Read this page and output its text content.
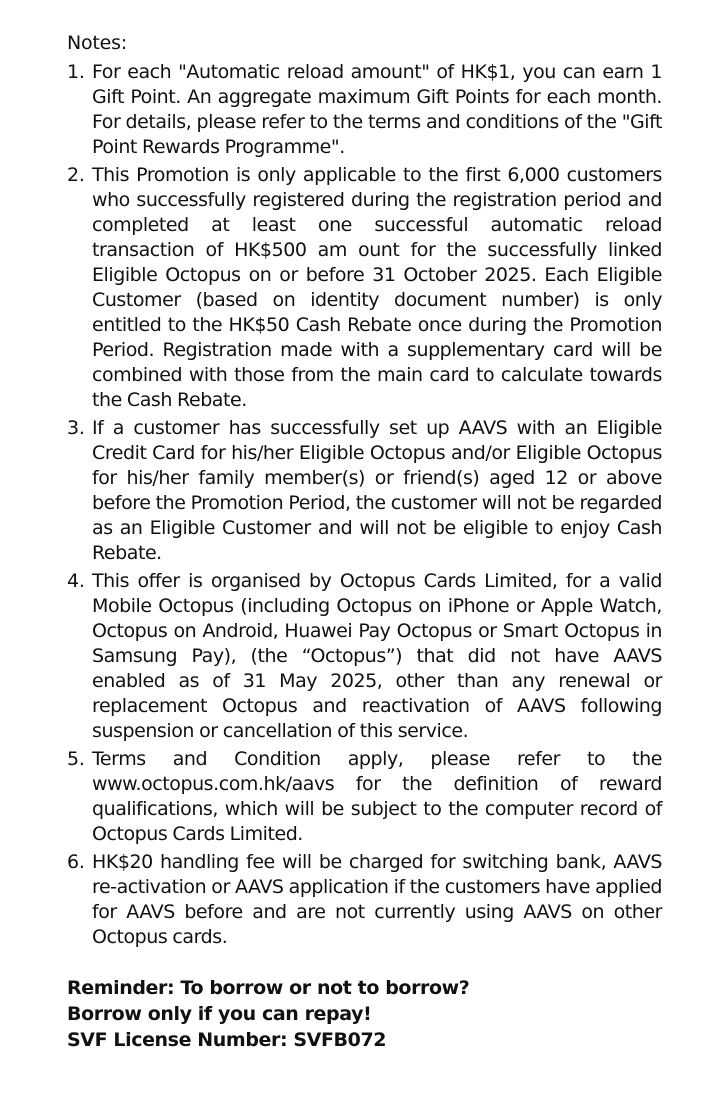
Notes:
1. For each "Automatic reload amount" of HK$1, you can earn 1 Gift Point. An aggregate maximum Gift Points for each month. For details, please refer to the terms and conditions of the "Gift Point Rewards Programme".
2. This Promotion is only applicable to the first 6,000 customers who successfully registered during the registration period and completed at least one successful automatic reload transaction of HK$500 am ount for the successfully linked Eligible Octopus on or before 31 October 2025. Each Eligible Customer (based on identity document number) is only entitled to the HK$50 Cash Rebate once during the Promotion Period. Registration made with a supplementary card will be combined with those from the main card to calculate towards the Cash Rebate.
3. If a customer has successfully set up AAVS with an Eligible Credit Card for his/her Eligible Octopus and/or Eligible Octopus for his/her family member(s) or friend(s) aged 12 or above before the Promotion Period, the customer will not be regarded as an Eligible Customer and will not be eligible to enjoy Cash Rebate.
4. This offer is organised by Octopus Cards Limited, for a valid Mobile Octopus (including Octopus on iPhone or Apple Watch, Octopus on Android, Huawei Pay Octopus or Smart Octopus in Samsung Pay), (the “Octopus”) that did not have AAVS enabled as of 31 May 2025, other than any renewal or replacement Octopus and reactivation of AAVS following suspension or cancellation of this service.
5. Terms and Condition apply, please refer to the www.octopus.com.hk/aavs for the definition of reward qualifications, which will be subject to the computer record of Octopus Cards Limited.
6. HK$20 handling fee will be charged for switching bank, AAVS re-activation or AAVS application if the customers have applied for AAVS before and are not currently using AAVS on other Octopus cards.
Reminder: To borrow or not to borrow?
Borrow only if you can repay!
SVF License Number: SVFB072
